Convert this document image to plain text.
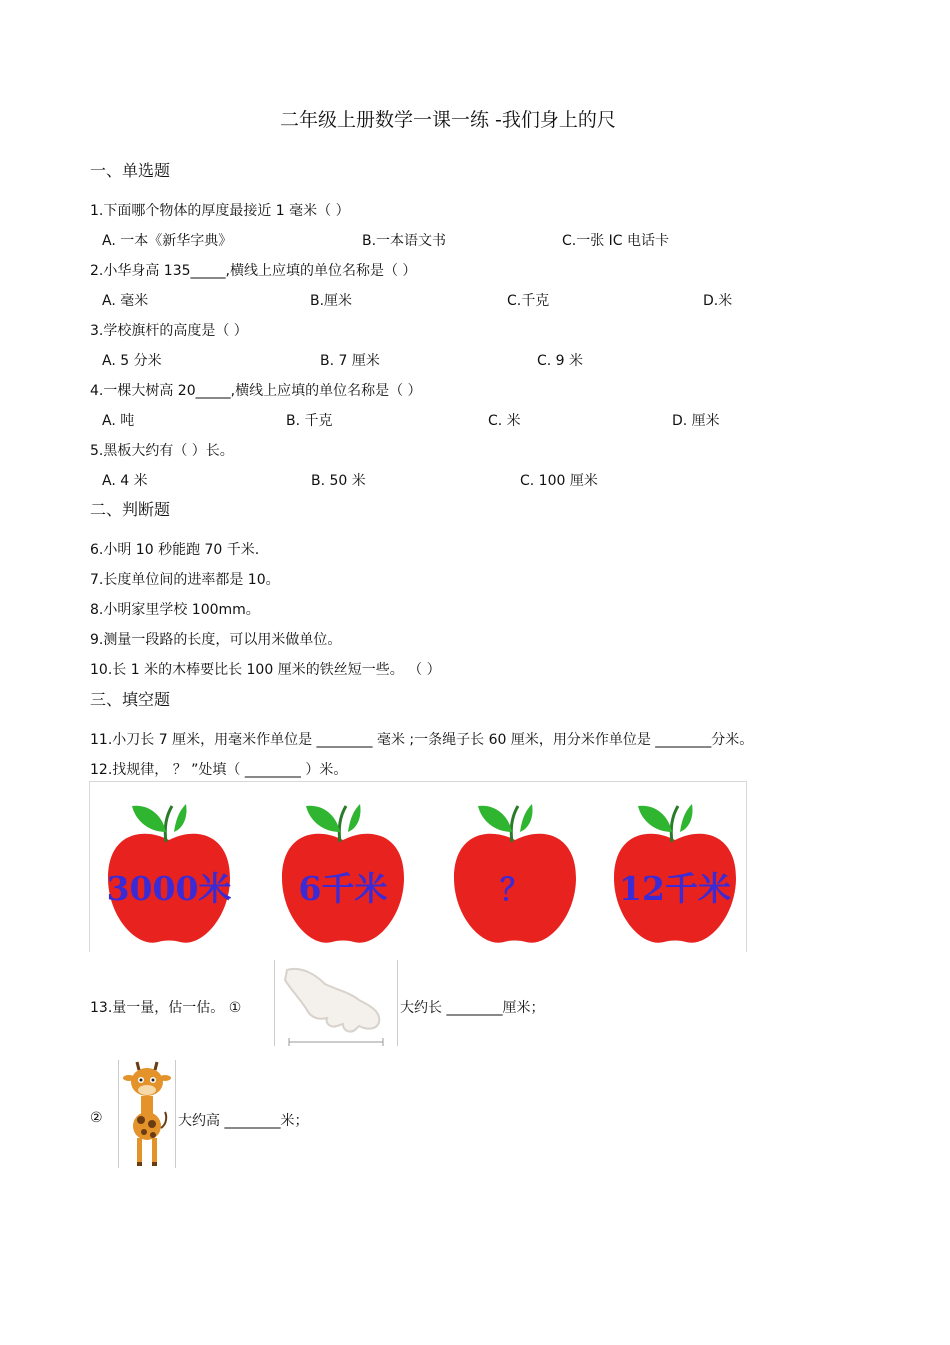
二年级上册数学一课一练 -我们身上的尺
一、单选题
1.下面哪个物体的厚度最接近 1 毫米（ ）
A. 一本《新华字典》	B.一本语文书	C.一张 IC 电话卡
2.小华身高 135_____,横线上应填的单位名称是（ ）
A. 毫米	B.厘米	C.千克	D.米
3.学校旗杆的高度是（ ）
A. 5 分米	B. 7 厘米	C. 9 米
4.一棵大树高 20_____,横线上应填的单位名称是（ ）
A. 吨	B. 千克	C. 米	D. 厘米
5.黑板大约有（ ）长。
A. 4 米	B. 50 米	C. 100 厘米
二、判断题
6.小明 10 秒能跑 70 千米.
7.长度单位间的进率都是 10。
8.小明家里学校 100mm。
9.测量一段路的长度，可以用米做单位。
10.长 1 米的木棒要比长 100 厘米的铁丝短一些。 （ ）
三、填空题
11.小刀长 7 厘米，用毫米作单位是 ________ 毫米 ;一条绳子长 60 厘米，用分米作单位是 ________分米。
12.找规律， ？ ”处填（ ________ ）米。
3000米 6千米	？	12千米
13.量一量，估一估。 ①	大约长 ________厘米；
②	大约高 ________米；
